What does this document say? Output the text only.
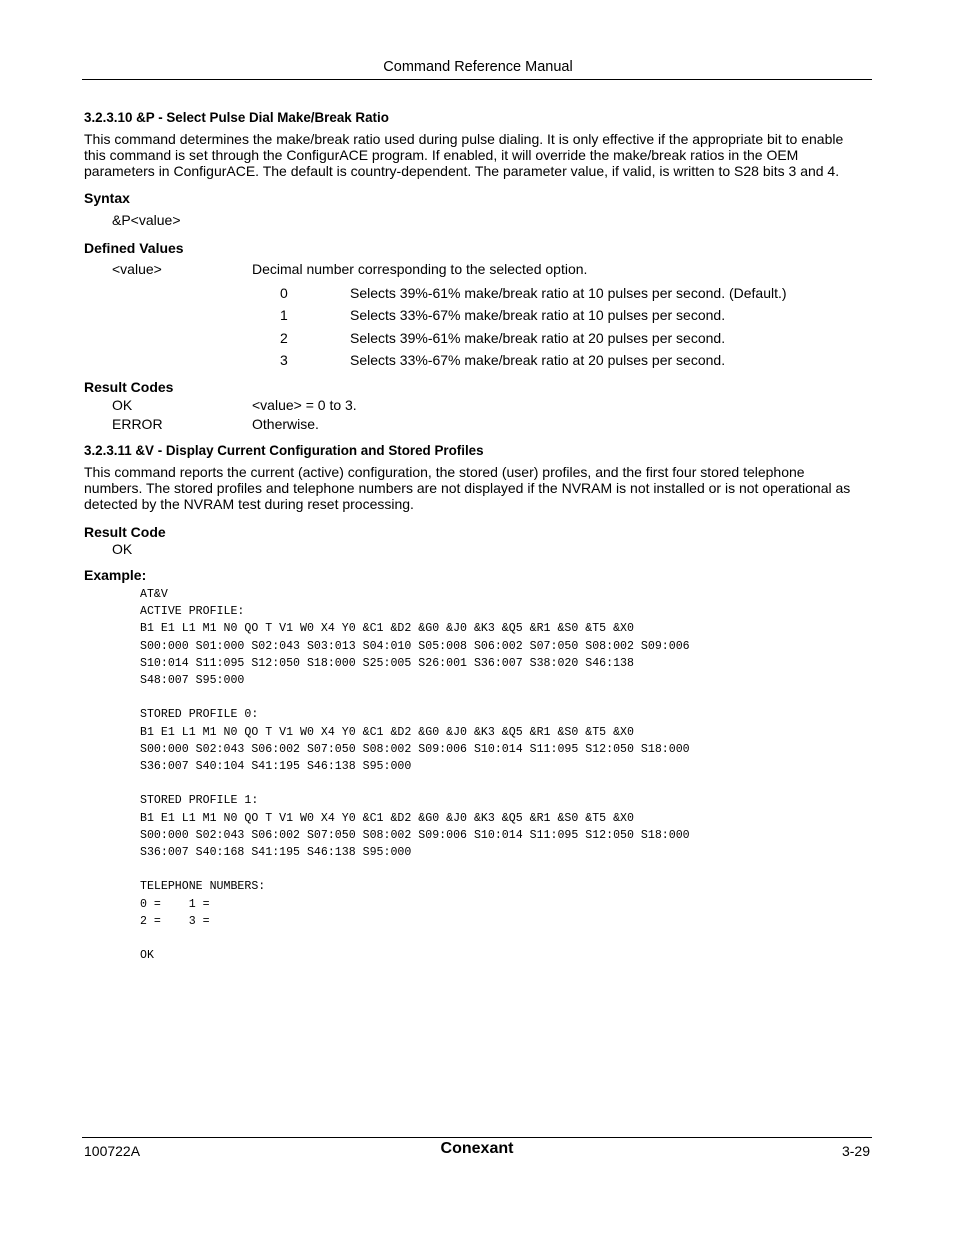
Command Reference Manual
3.2.3.10 &P - Select Pulse Dial Make/Break Ratio
This command determines the make/break ratio used during pulse dialing. It is only effective if the appropriate bit to enable this command is set through the ConfigurACE program. If enabled, it will override the make/break ratios in the OEM parameters in ConfigurACE. The default is country-dependent. The parameter value, if valid, is written to S28 bits 3 and 4.
Syntax
&P<value>
Defined Values
<value>	Decimal number corresponding to the selected option.
0	Selects 39%-61% make/break ratio at 10 pulses per second. (Default.)
1	Selects 33%-67% make/break ratio at 10 pulses per second.
2	Selects 39%-61% make/break ratio at 20 pulses per second.
3	Selects 33%-67% make/break ratio at 20 pulses per second.
Result Codes
OK	<value> = 0 to 3.
ERROR	Otherwise.
3.2.3.11 &V - Display Current Configuration and Stored Profiles
This command reports the current (active) configuration, the stored (user) profiles, and the first four stored telephone numbers. The stored profiles and telephone numbers are not displayed if the NVRAM is not installed or is not operational as detected by the NVRAM test during reset processing.
Result Code
OK
Example:
AT&V
ACTIVE PROFILE:
B1 E1 L1 M1 N0 QO T V1 W0 X4 Y0 &C1 &D2 &G0 &J0 &K3 &Q5 &R1 &S0 &T5 &X0
S00:000 S01:000 S02:043 S03:013 S04:010 S05:008 S06:002 S07:050 S08:002 S09:006
S10:014 S11:095 S12:050 S18:000 S25:005 S26:001 S36:007 S38:020 S46:138
S48:007 S95:000

STORED PROFILE 0:
B1 E1 L1 M1 N0 QO T V1 W0 X4 Y0 &C1 &D2 &G0 &J0 &K3 &Q5 &R1 &S0 &T5 &X0
S00:000 S02:043 S06:002 S07:050 S08:002 S09:006 S10:014 S11:095 S12:050 S18:000
S36:007 S40:104 S41:195 S46:138 S95:000

STORED PROFILE 1:
B1 E1 L1 M1 N0 QO T V1 W0 X4 Y0 &C1 &D2 &G0 &J0 &K3 &Q5 &R1 &S0 &T5 &X0
S00:000 S02:043 S06:002 S07:050 S08:002 S09:006 S10:014 S11:095 S12:050 S18:000
S36:007 S40:168 S41:195 S46:138 S95:000

TELEPHONE NUMBERS:
0 =    1 =
2 =    3 =

OK
100722A	Conexant	3-29
